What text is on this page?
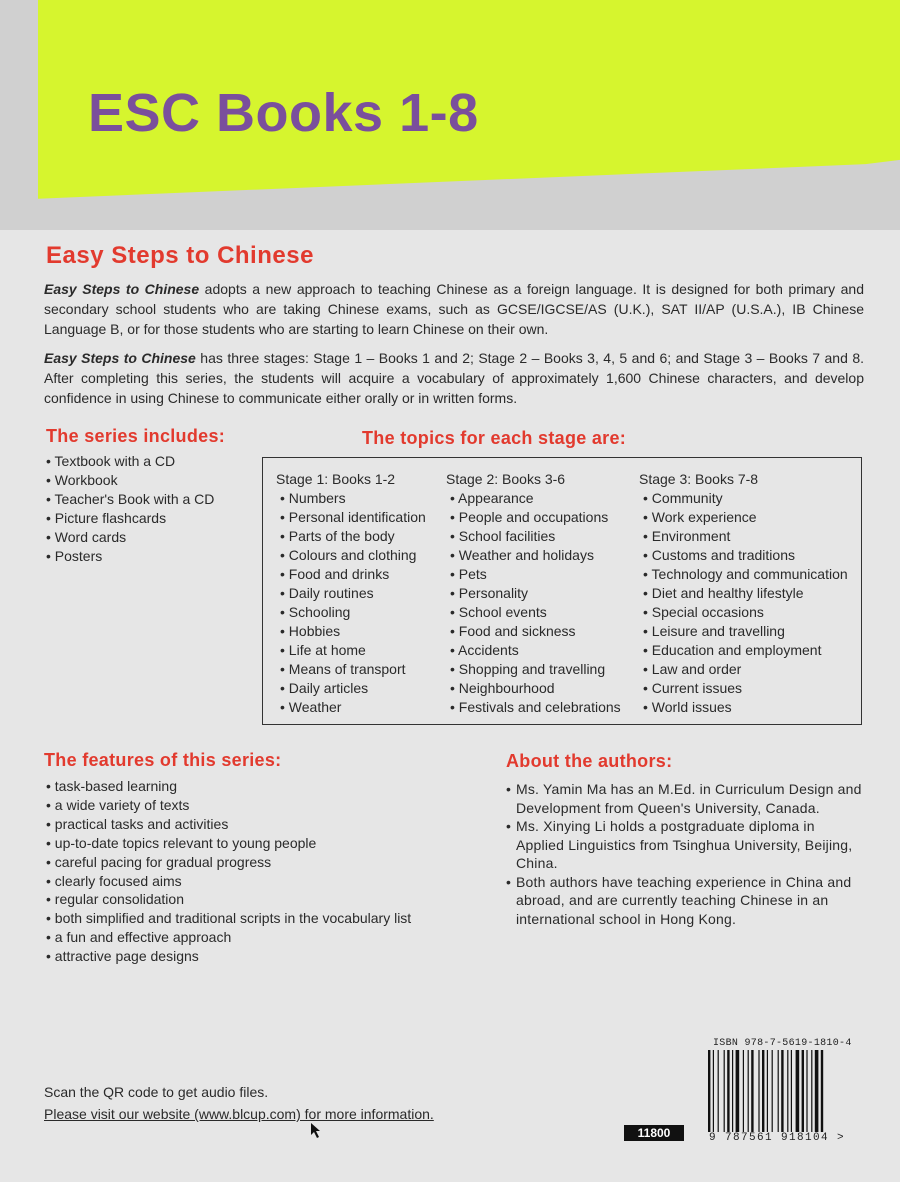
ESC Books 1-8
Easy Steps to Chinese
Easy Steps to Chinese adopts a new approach to teaching Chinese as a foreign language. It is designed for both primary and secondary school students who are taking Chinese exams, such as GCSE/IGCSE/AS (U.K.), SAT II/AP (U.S.A.), IB Chinese Language B, or for those students who are starting to learn Chinese on their own.
Easy Steps to Chinese has three stages: Stage 1 – Books 1 and 2; Stage 2 – Books 3, 4, 5 and 6; and Stage 3 – Books 7 and 8. After completing this series, the students will acquire a vocabulary of approximately 1,600 Chinese characters, and develop confidence in using Chinese to communicate either orally or in written forms.
The series includes:
• Textbook with a CD
• Workbook
• Teacher's Book with a CD
• Picture flashcards
• Word cards
• Posters
The topics for each stage are:
Stage 1: Books 1-2
• Numbers
• Personal identification
• Parts of the body
• Colours and clothing
• Food and drinks
• Daily routines
• Schooling
• Hobbies
• Life at home
• Means of transport
• Daily articles
• Weather
Stage 2: Books 3-6
• Appearance
• People and occupations
• School facilities
• Weather and holidays
• Pets
• Personality
• School events
• Food and sickness
• Accidents
• Shopping and travelling
• Neighbourhood
• Festivals and celebrations
Stage 3: Books 7-8
• Community
• Work experience
• Environment
• Customs and traditions
• Technology and communication
• Diet and healthy lifestyle
• Special occasions
• Leisure and travelling
• Education and employment
• Law and order
• Current issues
• World issues
The features of this series:
• task-based learning
• a wide variety of texts
• practical tasks and activities
• up-to-date topics relevant to young people
• careful pacing for gradual progress
• clearly focused aims
• regular consolidation
• both simplified and traditional scripts in the vocabulary list
• a fun and effective approach
• attractive page designs
About the authors:
• Ms. Yamin Ma has an M.Ed. in Curriculum Design and Development from Queen's University, Canada.
• Ms. Xinying Li holds a postgraduate diploma in Applied Linguistics from Tsinghua University, Beijing, China.
• Both authors have teaching experience in China and abroad, and are currently teaching Chinese in an international school in Hong Kong.
Scan the QR code to get audio files.
Please visit our website (www.blcup.com) for more information.
11800
ISBN 978-7-5619-1810-4
9 787561 918104 >
